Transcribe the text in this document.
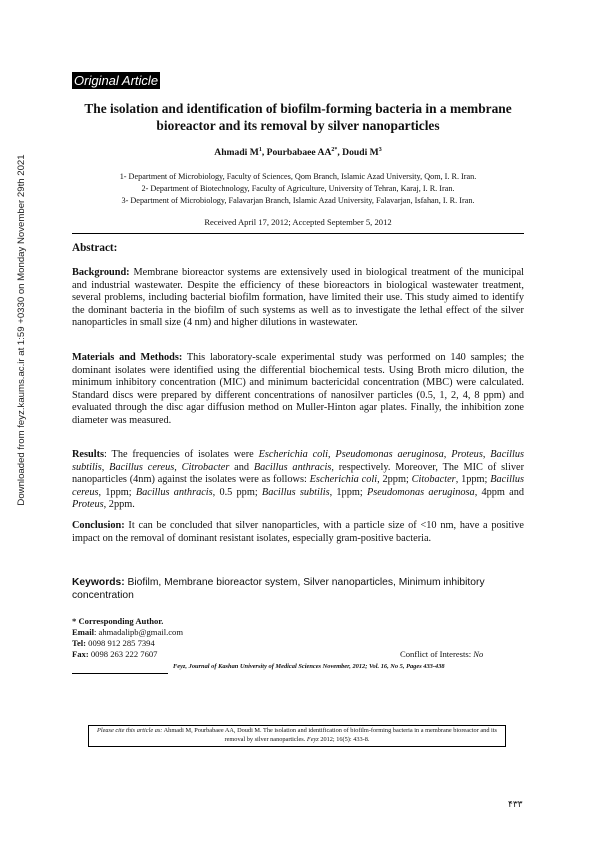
Downloaded from feyz.kaums.ac.ir at 1:59 +0330 on Monday November 29th 2021
Original Article
The isolation and identification of biofilm-forming bacteria in a membrane
bioreactor and its removal by silver nanoparticles
Ahmadi $M^1$, Pourbabaee $AA^{2*}$, Doudi $M^3$
1- Department of Microbiology, Faculty of Sciences, Qom Branch, Islamic Azad University, Qom, I. R. Iran.
2- Department of Biotechnology, Faculty of Agriculture, University of Tehran, Karaj, I. R. Iran.
3- Department of Microbiology, Falavarjan Branch, Islamic Azad University, Falavarjan, Isfahan, I. R. Iran.
Received April 17, 2012; Accepted September 5, 2012
Abstract:
Background: Membrane bioreactor systems are extensively used in biological treatment of the municipal and industrial wastewater. Despite the efficiency of these bioreactors in biological wastewater treatment, several problems, including bacterial biofilm formation, have limited their use. This study aimed to identify the dominant bacteria in the biofilm of such systems as well as to investigate the lethal effect of the silver nanoparticles in small size (4 nm) and higher dilutions in wastewater.
Materials and Methods: This laboratory-scale experimental study was performed on 140 samples; the dominant isolates were identified using the differential biochemical tests. Using Broth micro dilution, the minimum inhibitory concentration (MIC) and minimum bactericidal concentration (MBC) were calculated. Standard discs were prepared by different concentrations of nanosilver particles (0.5, 1, 2, 4, 8 ppm) and evaluated through the disc agar diffusion method on Muller-Hinton agar plates. Finally, the inhibition zone diameter was measured.
Results: The frequencies of isolates were Escherichia coli, Pseudomonas aeruginosa, Proteus, Bacillus subtilis, Bacillus cereus, Citrobacter and Bacillus anthracis, respectively. Moreover, The MIC of sliver nanoparticles (4nm) against the isolates were as follows: Escherichia coli, 2ppm; Citobacter, 1ppm; Bacillus cereus, 1ppm; Bacillus anthracis, 0.5 ppm; Bacillus subtilis, 1ppm; Pseudomonas aeruginosa, 4ppm and Proteus, 2ppm.
Conclusion: It can be concluded that silver nanoparticles, with a particle size of <10 nm, have a positive impact on the removal of dominant resistant isolates, especially gram-positive bacteria.
Keywords: Biofilm, Membrane bioreactor system, Silver nanoparticles, Minimum inhibitory concentration
* Corresponding Author.
Email: ahmadalipb@gmail.com
Tel: 0098 912 285 7394
Fax: 0098 263 222 7607	Conflict of Interests: No
Feyz, Journal of Kashan University of Medical Sciences November, 2012; Vol. 16, No 5, Pages 433-438
Please cite this article as: Ahmadi M, Pourbabaee AA, Doudi M. The isolation and identification of biofilm-forming bacteria in a membrane bioreactor and its removal by silver nanoparticles. Feyz 2012; 16(5): 433-8.
۴۳۳
